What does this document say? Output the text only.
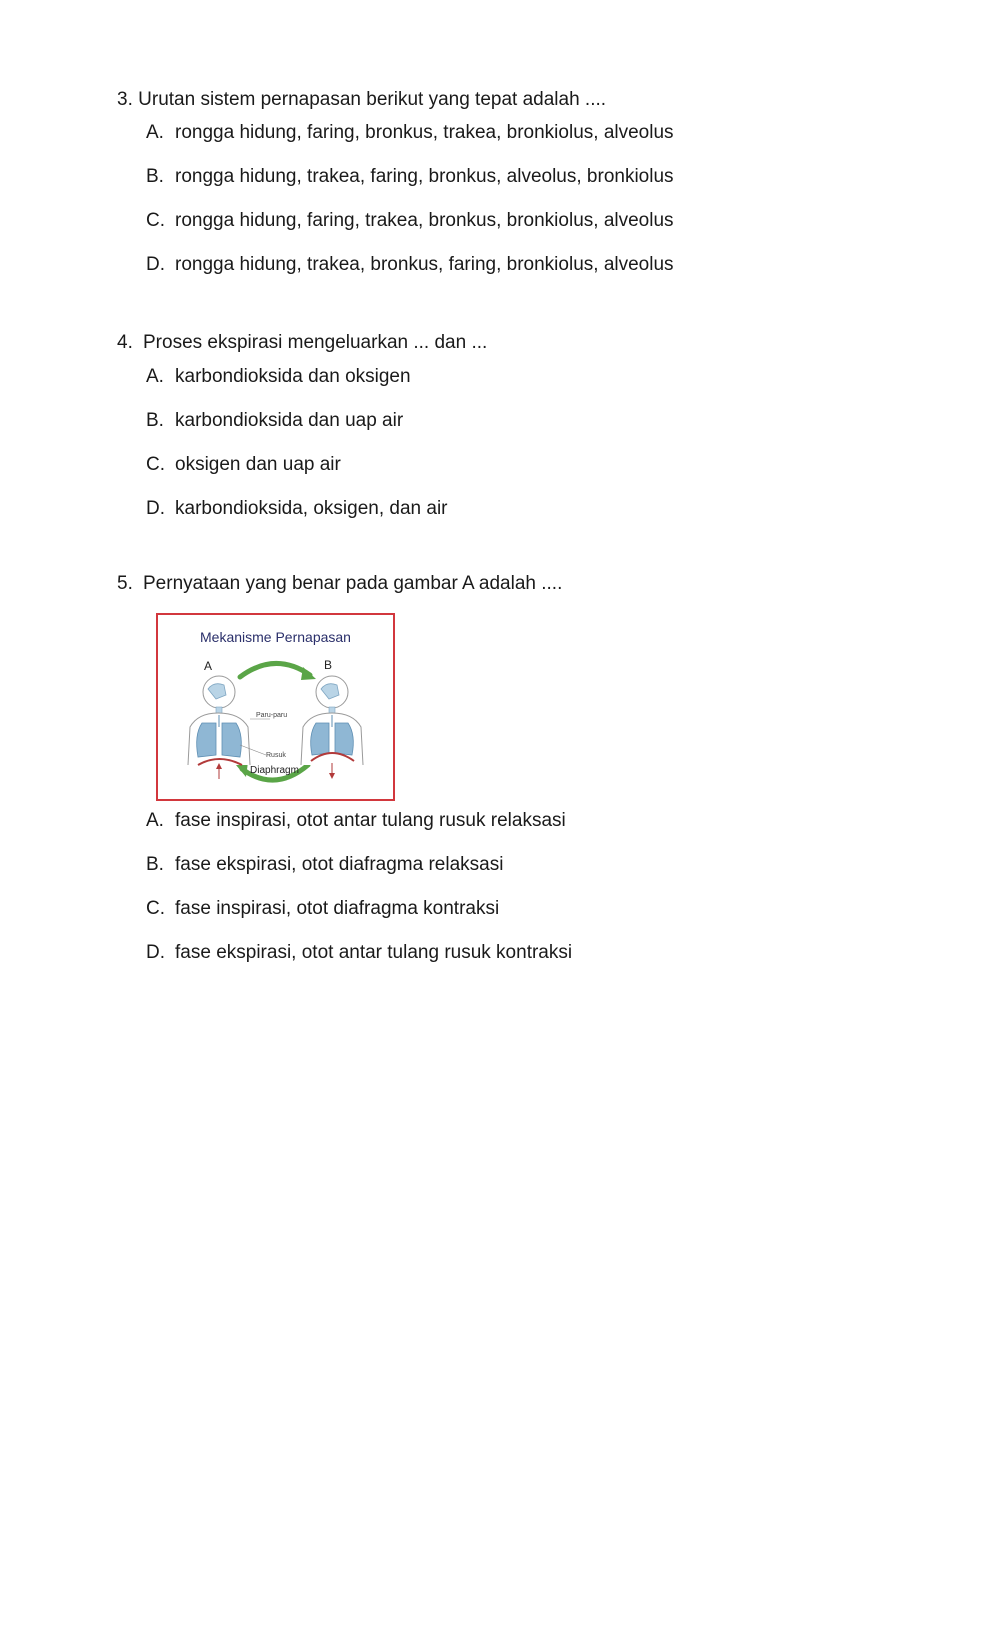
3. Urutan sistem pernapasan berikut yang tepat adalah ....
A. rongga hidung, faring, bronkus, trakea, bronkiolus, alveolus
B. rongga hidung, trakea, faring, bronkus, alveolus, bronkiolus
C. rongga hidung, faring, trakea, bronkus, bronkiolus, alveolus
D. rongga hidung, trakea, bronkus, faring, bronkiolus, alveolus
4. Proses ekspirasi mengeluarkan ... dan ...
A. karbondioksida dan oksigen
B. karbondioksida dan uap air
C. oksigen dan uap air
D. karbondioksida, oksigen, dan air
5. Pernyataan yang benar pada gambar A adalah ....
Mekanisme Pernapasan
A	B
Paru-paru
Rusuk
Diaphragm
A. fase inspirasi, otot antar tulang rusuk relaksasi
B. fase ekspirasi, otot diafragma relaksasi
C. fase inspirasi, otot diafragma kontraksi
D. fase ekspirasi, otot antar tulang rusuk kontraksi
